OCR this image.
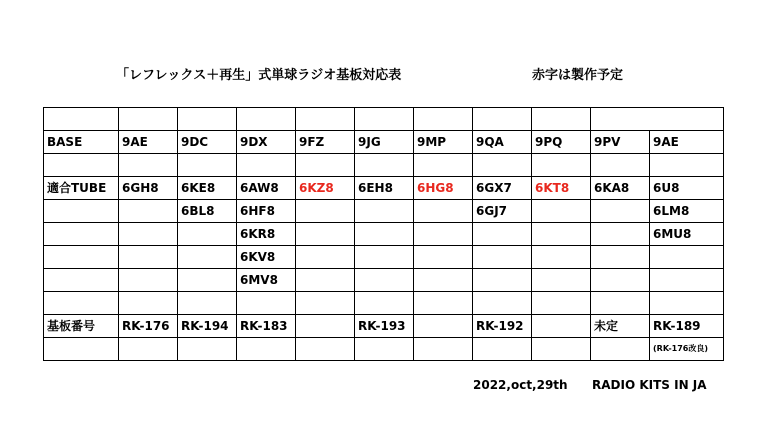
「レフレックス＋再生」式単球ラジオ基板対応表	赤字は製作予定

BASE	9AE	9DC	9DX	9FZ	9JG	9MP	9QA	9PQ	9PV	9AE

適合TUBE	6GH8	6KE8	6AW8	6KZ8	6EH8	6HG8	6GX7	6KT8	6KA8	6U8
		6BL8	6HF8				6GJ7			6LM8
			6KR8							6MU8
			6KV8							
			6MV8							

基板番号	RK-176	RK-194	RK-183		RK-193		RK-192		未定	RK-189
										(RK-176改良)
2022,oct,29th RADIO KITS IN JA
